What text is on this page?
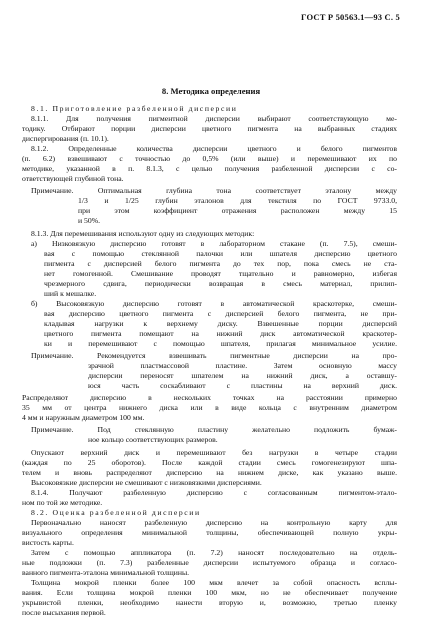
ГОСТ Р 50563.1—93 С. 5
8. Методика определения
8.1. Приготовление разбеленной дисперсии
8.1.1. Для получения пигментной дисперсии выбирают соответствующую ме-
тодику. Отбирают порции дисперсии цветного пигмента на выбранных стадиях
диспергирования (п. 10.1).
8.1.2. Определенные количества дисперсии цветного и белого пигментов
(п. 6.2) взвешивают с точностью до 0,5% (или выше) и перемешивают их по
методике, указанной в п. 8.1.3, с целью получения разбеленной дисперсии с со-
ответствующей глубиной тона.
Примечание. Оптимальная глубина тона соответствует эталону между
1/3 и 1/25 глубин эталонов для текстиля по ГОСТ 9733.0,
при этом коэффициент отражения расположен между 15
и 50%.
8.1.3. Для перемешивания используют одну из следующих методик:
а) Низковязкую дисперсию готовят в лабораторном стакане (п. 7.5), смеши-
вая с помощью стеклянной палочки или шпателя дисперсию цветного
пигмента с дисперсией белого пигмента до тех пор, пока смесь не ста-
нет гомогенной. Смешивание проводят тщательно и равномерно, избегая
чрезмерного сдвига, периодически возвращая в смесь материал, прилип-
ший к мешалке.
б) Высоковязкую дисперсию готовят в автоматической краскотерке, смеши-
вая дисперсию цветного пигмента с дисперсией белого пигмента, не при-
кладывая нагрузки к верхнему диску. Взвешенные порции дисперсий
цветного пигмента помещают на нижний диск автоматической краскотер-
ки и перемешивают с помощью шпателя, прилагая минимальное усилие.
Примечание. Рекомендуется взвешивать пигментные дисперсии на про-
зрачной пластмассовой пластине. Затем основную массу
дисперсии переносят шпателем на нижний диск, а оставшу-
юся часть соскабливают с пластины на верхний диск.
Распределяют дисперсию в нескольких точках на расстоянии примерно
35 мм от центра нижнего диска или в виде кольца с внутренним диаметром
4 мм и наружным диаметром 100 мм.
Примечание. Под стеклянную пластину желательно подложить бумаж-
ное кольцо соответствующих размеров.
Опускают верхний диск и перемешивают без нагрузки в четыре стадии
(каждая по 25 оборотов). После каждой стадии смесь гомогенезируют шпа-
телем и вновь распределяют дисперсию на нижнем диске, как указано выше.
Высоковязкие дисперсии не смешивают с низковязкими дисперсиями.
8.1.4. Получают разбеленную дисперсию с согласованным пигментом-этало-
ном по той же методике.
8.2. Оценка разбеленной дисперсии
Первоначально наносят разбеленную дисперсию на контрольную карту для
визуального определения минимальной толщины, обеспечивающей полную укры-
вистость карты.
Затем с помощью аппликатора (п. 7.2) наносят последовательно на отдель-
ные подложки (п. 7.3) разбеленные дисперсии испытуемого образца и согласо-
ванного пигмента-эталона минимальной толщины.
Толщина мокрой пленки более 100 мкм влечет за собой опасность всплы-
вания. Если толщина мокрой пленки 100 мкм, но не обеспечивает получение
укрывистой пленки, необходимо нанести вторую и, возможно, третью пленку
после высыхания первой.
